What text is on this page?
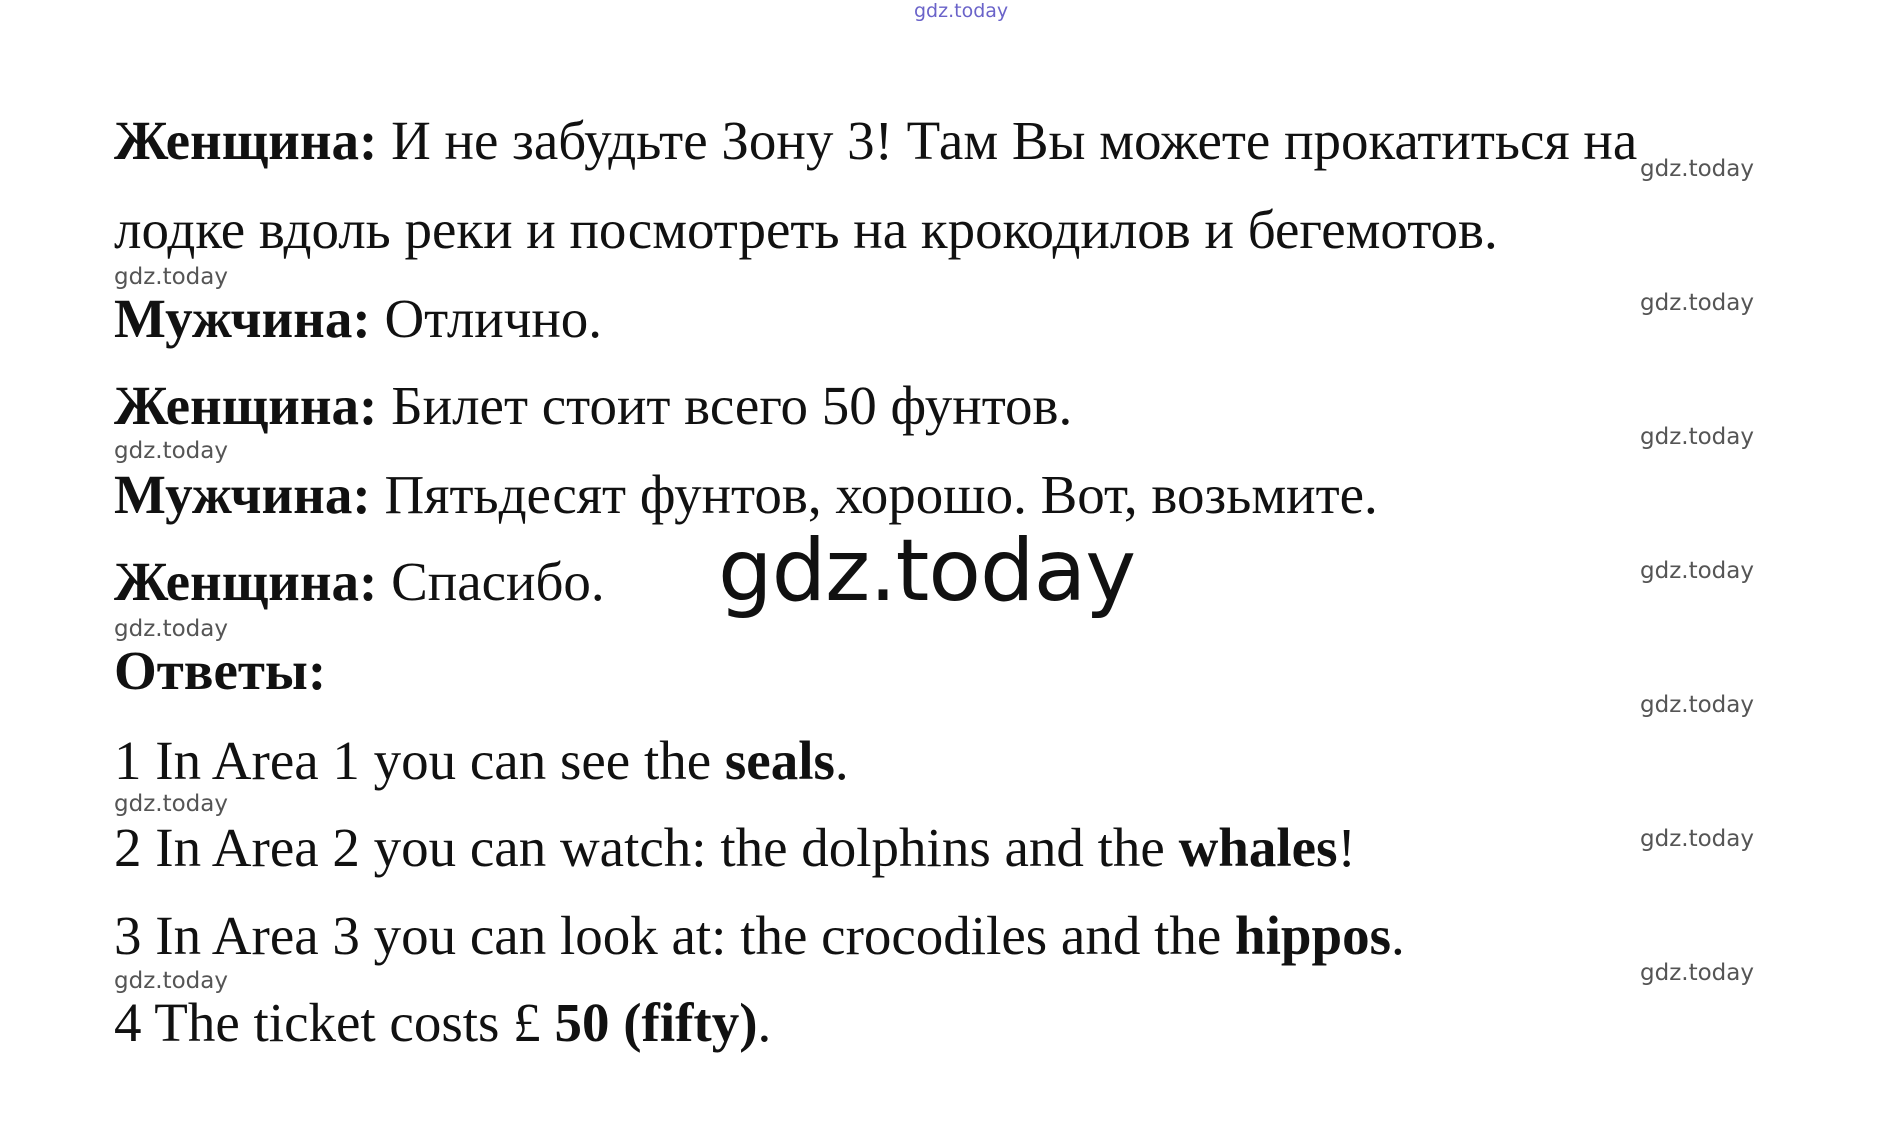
gdz.today
gdz.today
gdz.today
gdz.today
gdz.today
gdz.today
gdz.today
gdz.today
gdz.today
gdz.today
gdz.today
gdz.today
gdz.today
gdz.today
Женщина: И не забудьте Зону 3! Там Вы можете прокатиться на
лодке вдоль реки и посмотреть на крокодилов и бегемотов.
Мужчина: Отлично.
Женщина: Билет стоит всего 50 фунтов.
Мужчина: Пятьдесят фунтов, хорошо. Вот, возьмите.
Женщина: Спасибо.
Ответы:
1 In Area 1 you can see the seals.
2 In Area 2 you can watch: the dolphins and the whales!
3 In Area 3 you can look at: the crocodiles and the hippos.
4 The ticket costs £ 50 (fifty).
